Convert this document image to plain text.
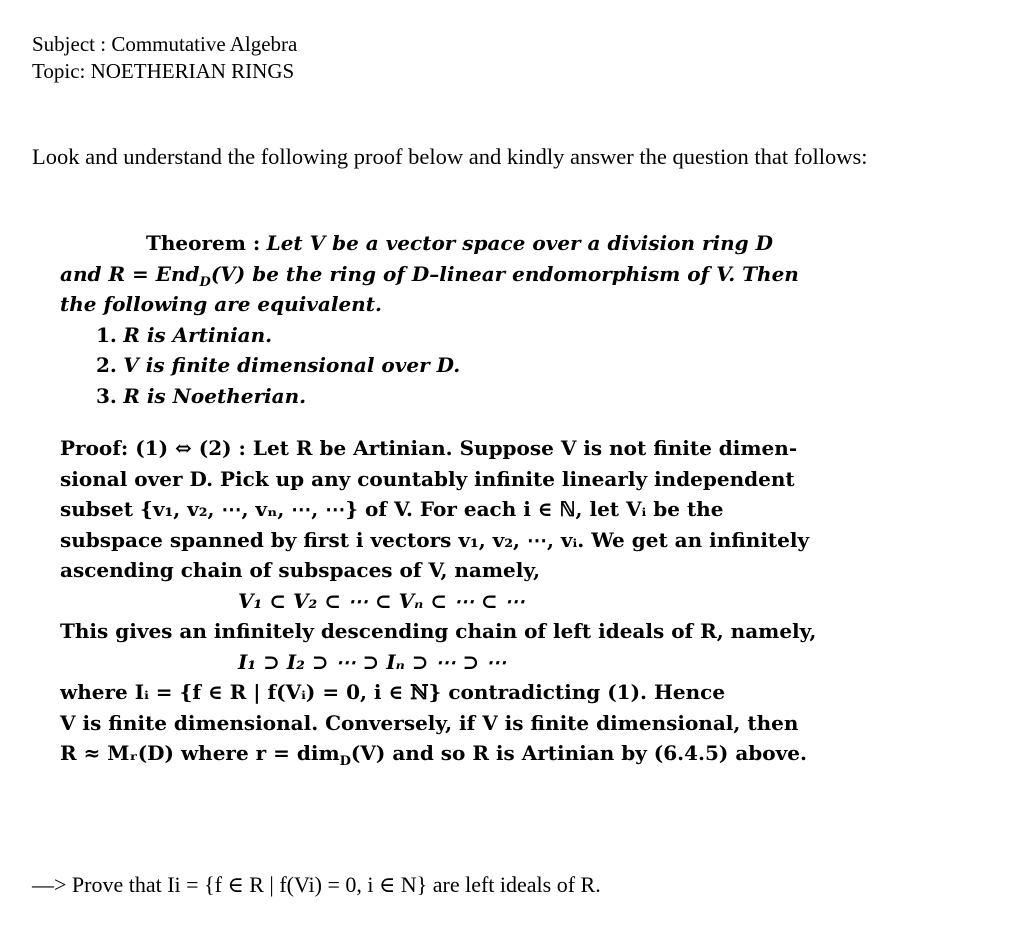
Subject : Commutative Algebra
Topic: NOETHERIAN RINGS
Look and understand the following proof below and kindly answer the question that follows:
Theorem : Let V be a vector space over a division ring D
and R = End$_D$(V) be the ring of D–linear endomorphism of V. Then
the following are equivalent.
1. R is Artinian.
2. V is finite dimensional over D.
3. R is Noetherian.
Proof: (1) ⇔ (2) : Let R be Artinian. Suppose V is not finite dimen-
sional over D. Pick up any countably infinite linearly independent
subset {v₁, v₂, ⋯, vₙ, ⋯, ⋯} of V. For each i ∈ ℕ, let Vᵢ be the
subspace spanned by first i vectors v₁, v₂, ⋯, vᵢ. We get an infinitely
ascending chain of subspaces of V, namely,
V₁ ⊂ V₂ ⊂ ⋯ ⊂ Vₙ ⊂ ⋯ ⊂ ⋯
This gives an infinitely descending chain of left ideals of R, namely,
I₁ ⊃ I₂ ⊃ ⋯ ⊃ Iₙ ⊃ ⋯ ⊃ ⋯
where Iᵢ = {f ∈ R | f(Vᵢ) = 0, i ∈ ℕ} contradicting (1). Hence
V is finite dimensional. Conversely, if V is finite dimensional, then
R ≈ Mᵣ(D) where r = dim$_D$(V) and so R is Artinian by (6.4.5) above.
—> Prove that Ii = {f ∈ R | f(Vi) = 0, i ∈ N} are left ideals of R.
